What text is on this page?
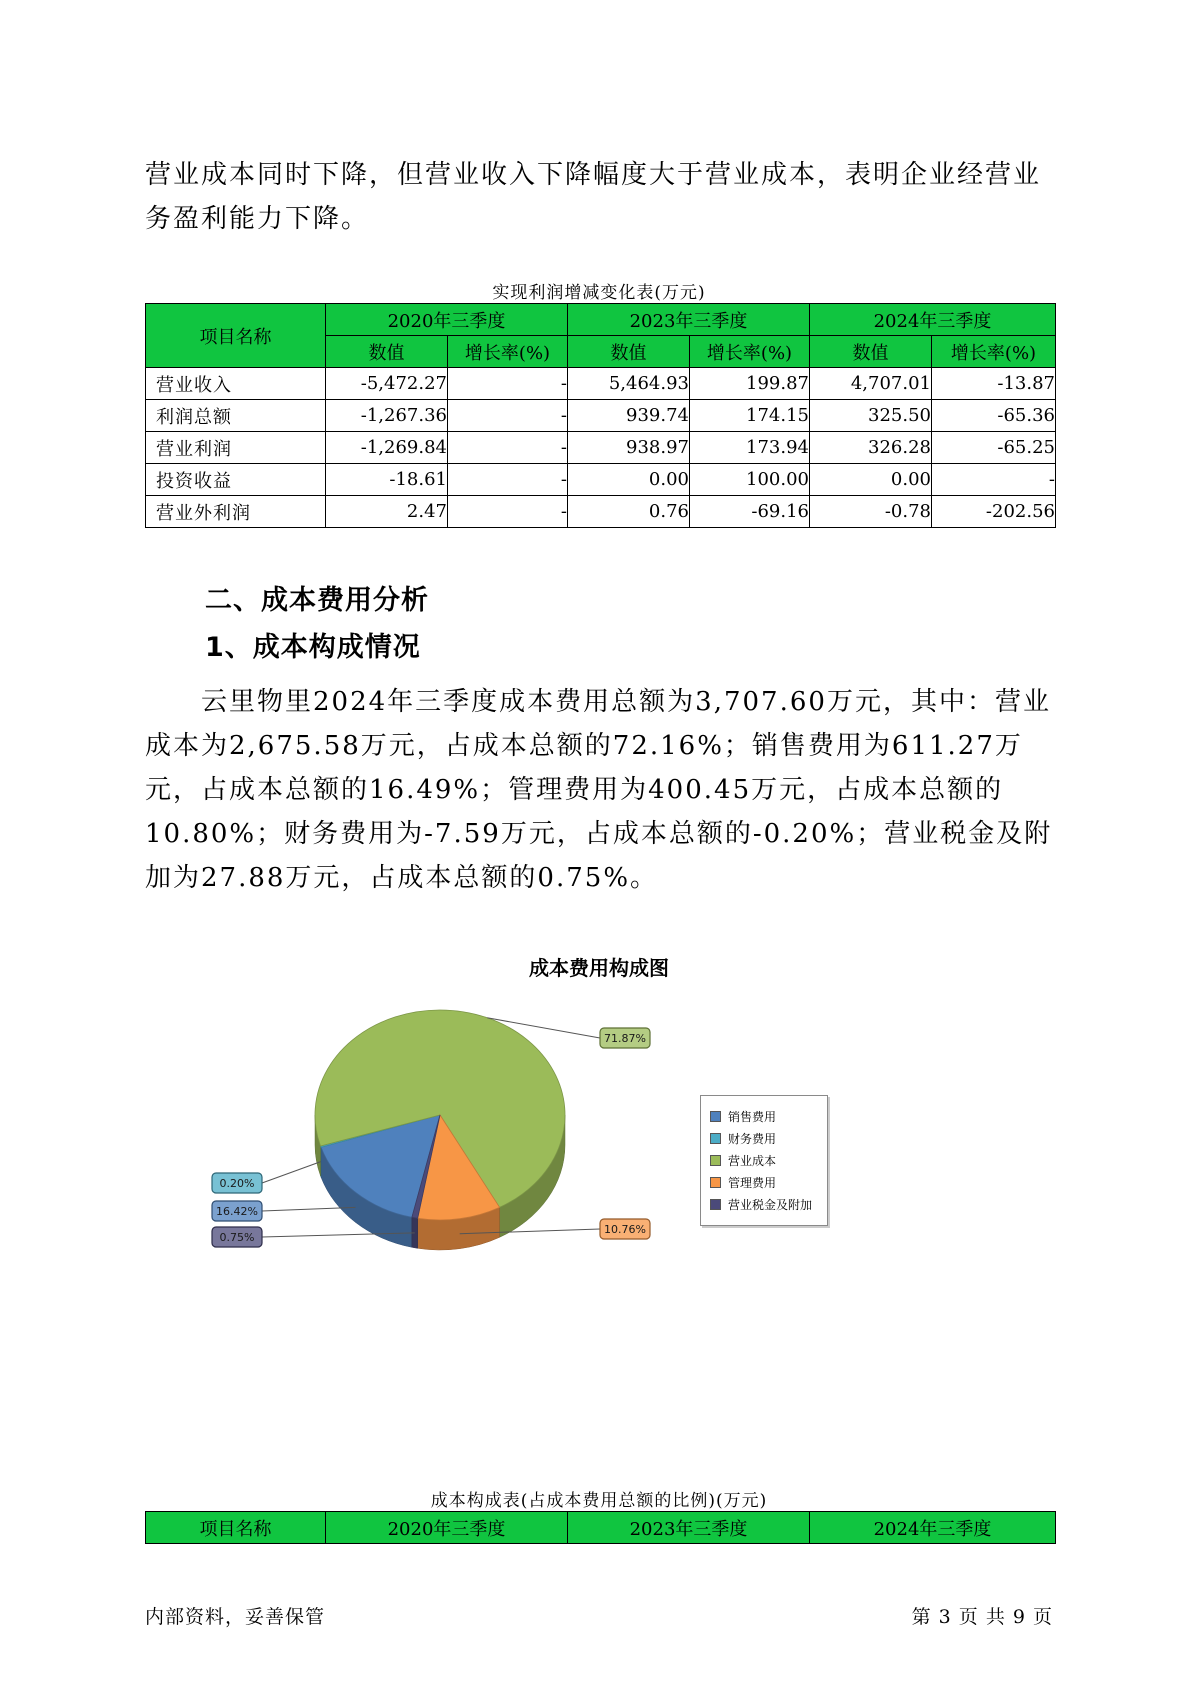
营业成本同时下降，但营业收入下降幅度大于营业成本，表明企业经营业务盈利能力下降。

实现利润增减变化表(万元)
项目名称	2020年三季度		2023年三季度		2024年三季度	
	数值	增长率(%)	数值	增长率(%)	数值	增长率(%)
营业收入	-5,472.27	-	5,464.93	199.87	4,707.01	-13.87
利润总额	-1,267.36	-	939.74	174.15	325.50	-65.36
营业利润	-1,269.84	-	938.97	173.94	326.28	-65.25
投资收益	-18.61	-	0.00	100.00	0.00	-
营业外利润	2.47	-	0.76	-69.16	-0.78	-202.56
二、成本费用分析
1、成本构成情况

云里物里2024年三季度成本费用总额为3,707.60万元，其中：营业成本为2,675.58万元，占成本总额的72.16%；销售费用为611.27万元，占成本总额的16.49%；管理费用为400.45万元，占成本总额的10.80%；财务费用为-7.59万元，占成本总额的-0.20%；营业税金及附加为27.88万元，占成本总额的0.75%。

成本费用构成图
16.42%
0.20%
71.87%
10.76%
0.75%
销售费用
财务费用
营业成本
管理费用
营业税金及附加
成本构成表(占成本费用总额的比例)(万元)
项目名称	2020年三季度	2023年三季度	2024年三季度
内部资料，妥善保管	第 3 页 共 9 页
